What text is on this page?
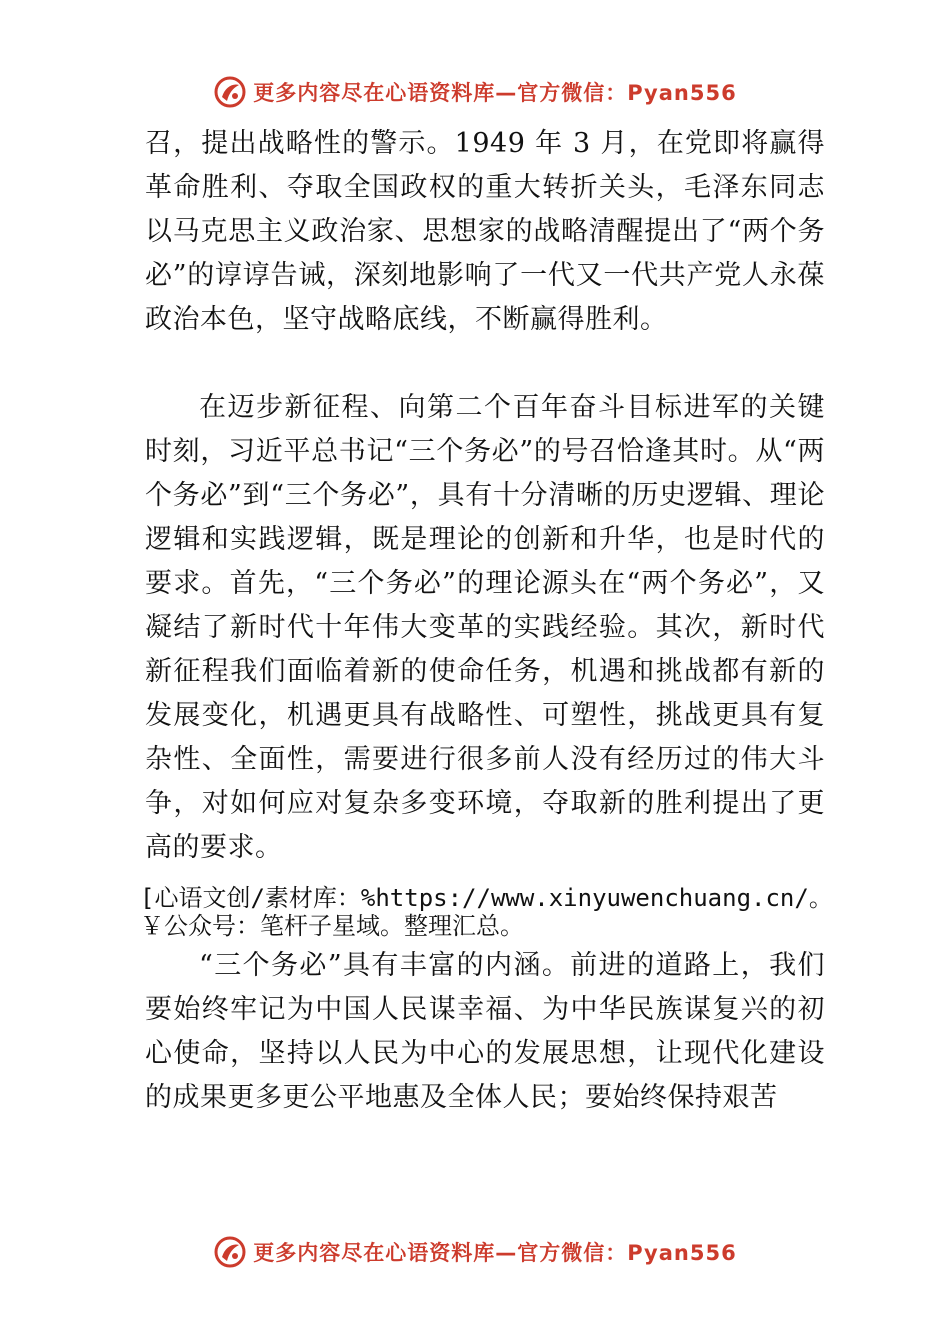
更多内容尽在心语资料库—官方微信：Pyan556

召，提出战略性的警示。1949 年 3 月，在党即将赢得革命胜利、夺取全国政权的重大转折关头，毛泽东同志以马克思主义政治家、思想家的战略清醒提出了“两个务必”的谆谆告诫，深刻地影响了一代又一代共产党人永葆政治本色，坚守战略底线，不断赢得胜利。

在迈步新征程、向第二个百年奋斗目标进军的关键时刻，习近平总书记“三个务必”的号召恰逢其时。从“两个务必”到“三个务必”，具有十分清晰的历史逻辑、理论逻辑和实践逻辑，既是理论的创新和升华，也是时代的要求。首先，“三个务必”的理论源头在“两个务必”，又凝结了新时代十年伟大变革的实践经验。其次，新时代新征程我们面临着新的使命任务，机遇和挑战都有新的发展变化，机遇更具有战略性、可塑性，挑战更具有复杂性、全面性，需要进行很多前人没有经历过的伟大斗争，对如何应对复杂多变环境，夺取新的胜利提出了更高的要求。

[心语文创/素材库：%https://www.xinyuwenchuang.cn/。
￥公众号：笔杆子星域。整理汇总。

“三个务必”具有丰富的内涵。前进的道路上，我们要始终牢记为中国人民谋幸福、为中华民族谋复兴的初心使命，坚持以人民为中心的发展思想，让现代化建设的成果更多更公平地惠及全体人民；要始终保持艰苦

更多内容尽在心语资料库—官方微信：Pyan556
